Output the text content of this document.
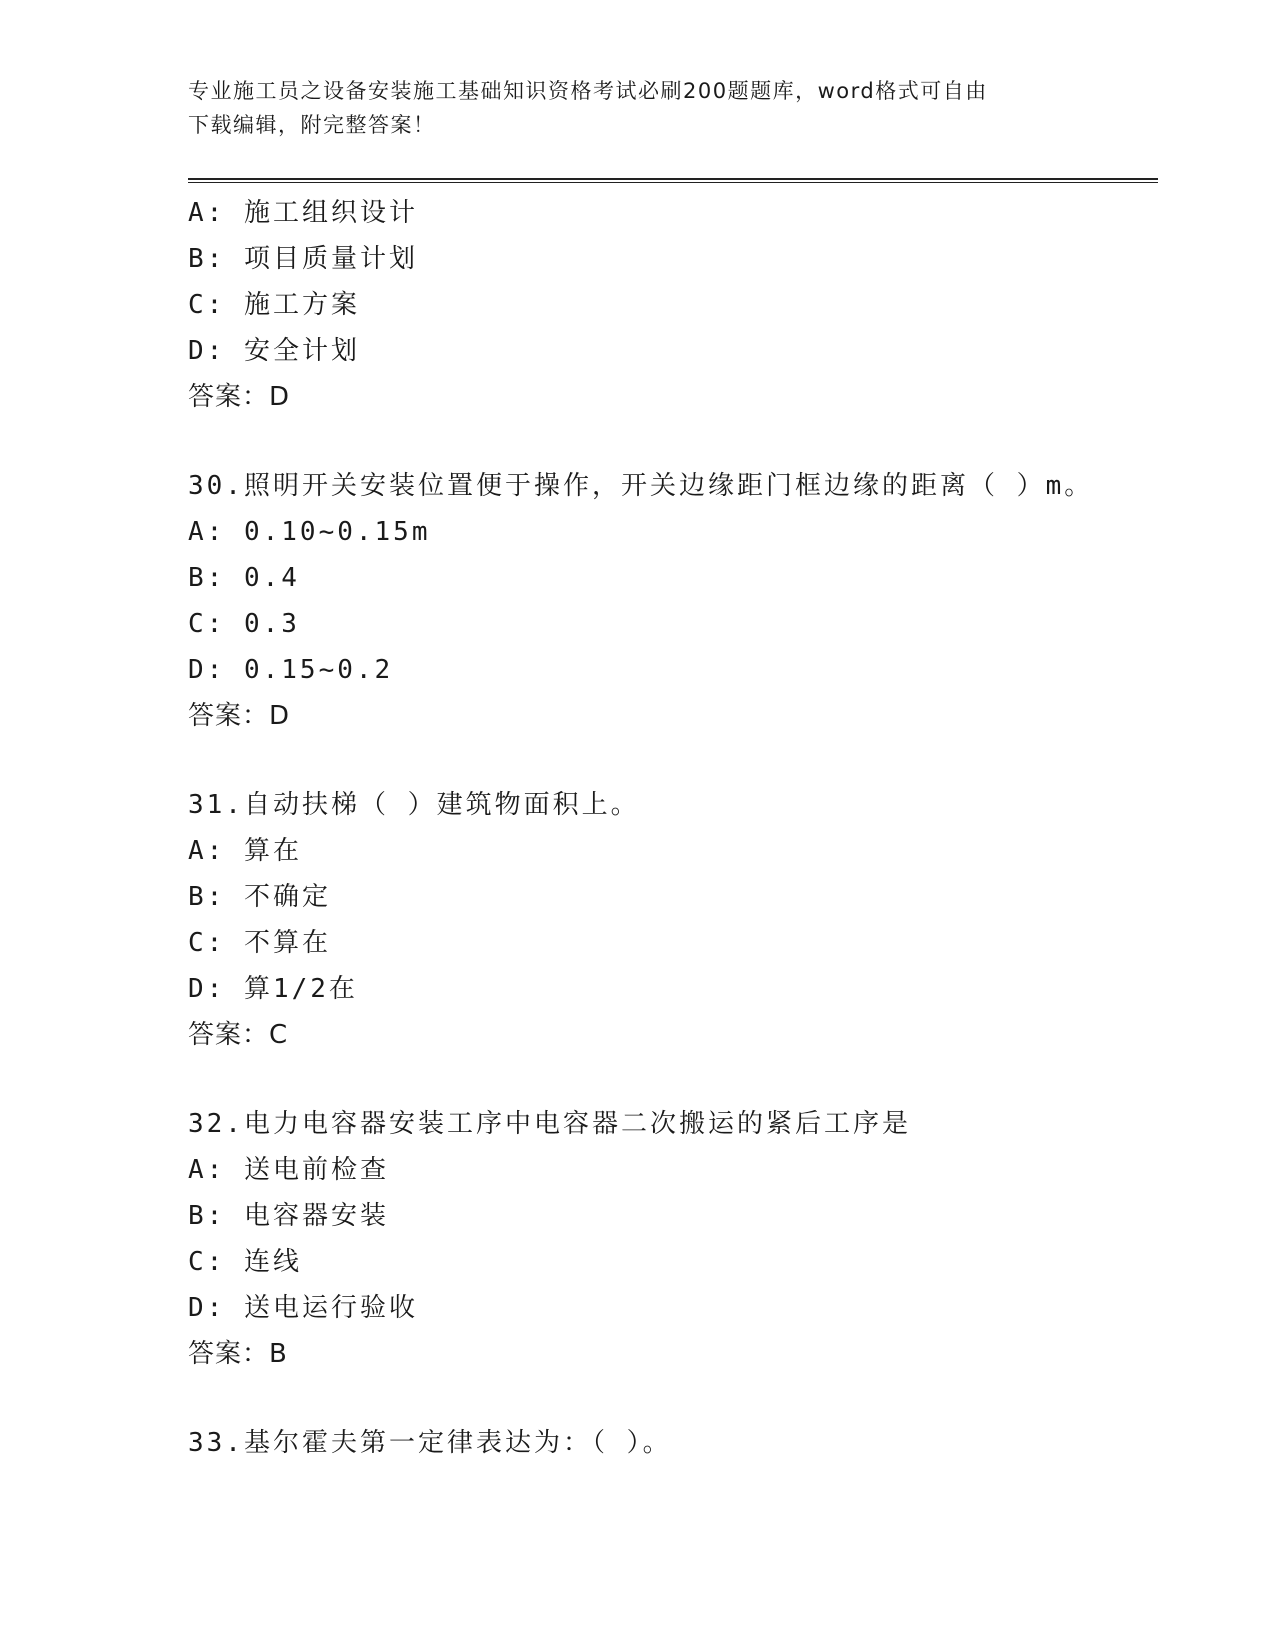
专业施工员之设备安装施工基础知识资格考试必刷200题题库，word格式可自由
下载编辑，附完整答案！
A: 施工组织设计
B: 项目质量计划
C: 施工方案
D: 安全计划
答案：D
30.照明开关安装位置便于操作，开关边缘距门框边缘的距离（ ）m。
A: 0.10~0.15m
B: 0.4
C: 0.3
D: 0.15~0.2
答案：D
31.自动扶梯（ ）建筑物面积上。
A: 算在
B: 不确定
C: 不算在
D: 算1/2在
答案：C
32.电力电容器安装工序中电容器二次搬运的紧后工序是
A: 送电前检查
B: 电容器安装
C: 连线
D: 送电运行验收
答案：B
33.基尔霍夫第一定律表达为：（ ）。
